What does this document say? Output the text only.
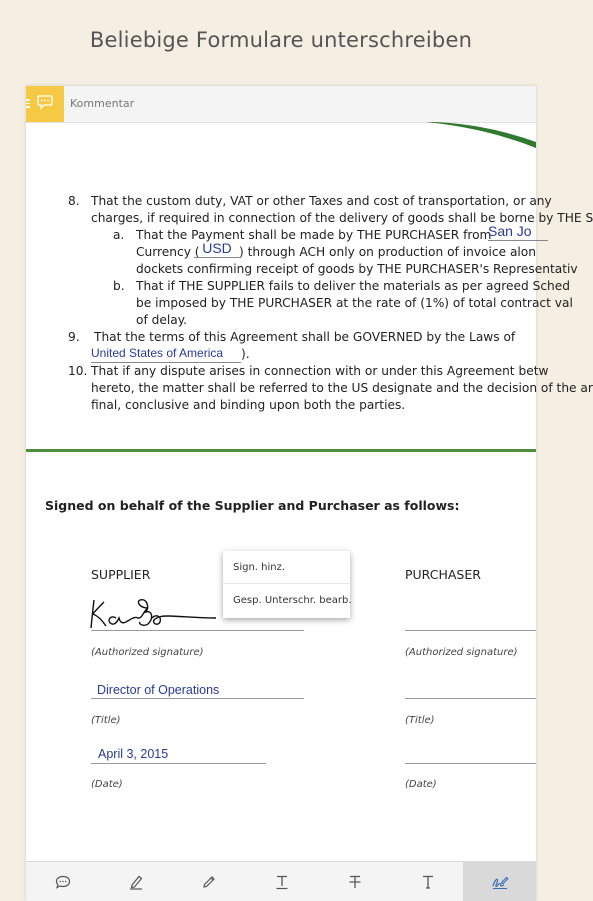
Beliebige Formulare unterschreiben
Kommentar
8. That the custom duty, VAT or other Taxes and cost of transportation, or any
charges, if required in connection of the delivery of goods shall be borne by THE S
a. That the Payment shall be made by THE PURCHASER from
San Jo
Currency ( USD ) through ACH only on production of invoice alon
dockets confirming receipt of goods by THE PURCHASER's Representativ
b. That if THE SUPPLIER fails to deliver the materials as per agreed Sched
be imposed by THE PURCHASER at the rate of (1%) of total contract val
of delay.
9. That the terms of this Agreement shall be GOVERNED by the Laws of
United States of America	).
10. That if any dispute arises in connection with or under this Agreement betw
hereto, the matter shall be referred to the US designate and the decision of the ar
final, conclusive and binding upon both the parties.
Signed on behalf of the Supplier and Purchaser as follows:
SUPPLIER
(Authorized signature)
Director of Operations
(Title)
April 3, 2015
(Date)
PURCHASER
(Authorized signature)
(Title)
(Date)
Sign. hinz.
Gesp. Unterschr. bearb.
